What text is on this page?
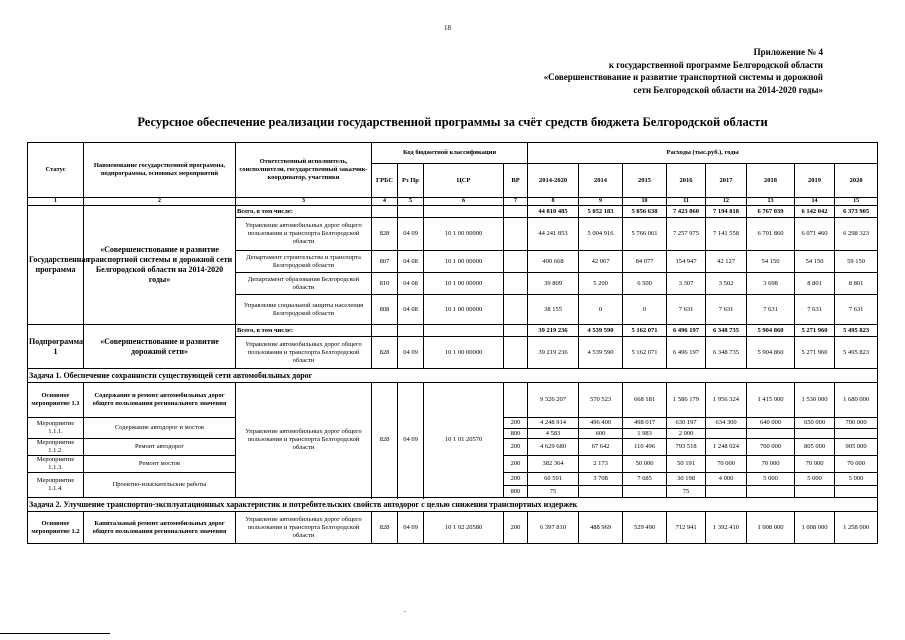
18
Приложение № 4
к государственной программе Белгородской области
«Совершенствование и развитие транспортной системы и дорожной
сети Белгородской области на 2014-2020 годы»
Ресурсное обеспечение реализации государственной программы за счёт средств бюджета Белгородской области
Статус	Наименование государственной программы, подпрограммы, основных мероприятий	Ответственный исполнитель, соисполнители, государственный заказчик-координатор, участники	Код бюджетной классификации				Расходы (тыс.руб.), годы							
			ГРБС	Рз Пр	ЦСР	ВР	2014-2020	2014	2015	2016	2017	2018	2019	2020
1	2	3	4	5	6	7	8	9	10	11	12	13	14	15
Государственная программа	«Совершенствование и развитие транспортной системы и дорожной сети Белгородской области на 2014-2020 годы»	Всего, в том числе:					44 810 485	5 052 183	5 856 638	7 423 860	7 194 818	6 767 039	6 142 042	6 373 905
		Управление автомобильных дорог общего пользования и транспорта Белгородской области	828	04 09	10 1 00 00000		44 241 853	5 004 916	5 766 061	7 257 975	7 141 558	6 701 860	6 071 460	6 298 323
		Департамент строительства и транспорта Белгородской области	807	04 08	10 1 00 00000		490 668	42 067	84 077	154 947	42 127	54 150	54 150	59 150
		Департамент образования Белгородской области	810	04 08	10 1 00 00000		39 809	5 200	6 500	3 307	3 502	3 698	8 801	8 801
		Управление социальной защиты населения Белгородской области	808	04 08	10 1 00 00000		38 155	0	0	7 631	7 631	7 631	7 631	7 631
Подпрограмма 1	«Совершенствование и развитие дорожной сети»	Всего, в том числе:					39 219 236	4 539 590	5 162 071	6 496 197	6 348 735	5 904 860	5 271 960	5 495 823
		Управление автомобильных дорог общего пользования и транспорта Белгородской области	828	04 09	10 1 00 00000		39 219 236	4 539 590	5 162 071	6 496 197	6 348 735	5 904 860	5 271 960	5 495 823
Задача 1. Обеспечение сохранности существующей сети автомобильных дорог														
Основное мероприятие 1.1	Содержание и ремонт автомобильных дорог общего пользования регионального значения	Управление автомобильных дорог общего пользования и транспорта Белгородской области	828	04 09	10 1 01 20570		9 326 207	570 523	668 181	1 586 179	1 956 324	1 415 000	1 530 000	1 680 000
Мероприятие 1.1.1.	Содержание автодорог и мостов					200	4 248 914	496 400	498 017	630 197	634 300	640 000	650 000	700 000
						800	4 583	600	1 983	2 000				
Мероприятие 1.1.2.	Ремонт автодорог					200	4 629 680	67 642	110 496	793 518	1 248 024	700 000	805 000	905 000
Мероприятие 1.1.3.	Ремонт мостов					200	382 364	2 173	50 000	50 191	70 000	70 000	70 000	70 000
Мероприятие 1.1.4.	Проектно-изыскательские работы					200	60 591	3 708	7 685	30 198	4 000	5 000	5 000	5 000
						800	75			75				

Задача 2. Улучшение транспортно-эксплуатационных характеристик и потребительских свойств автодорог с целью снижения транспортных издержек														
Основное мероприятие 1.2	Капитальный ремонт автомобильных дорог общего пользования регионального значения	Управление автомобильных дорог общего пользования и транспорта Белгородской области	828	04 09	10 1 02 20580	200	6 397 810	488 969	529 490	712 941	1 392 410	1 008 000	1 008 000	1 258 000
.
